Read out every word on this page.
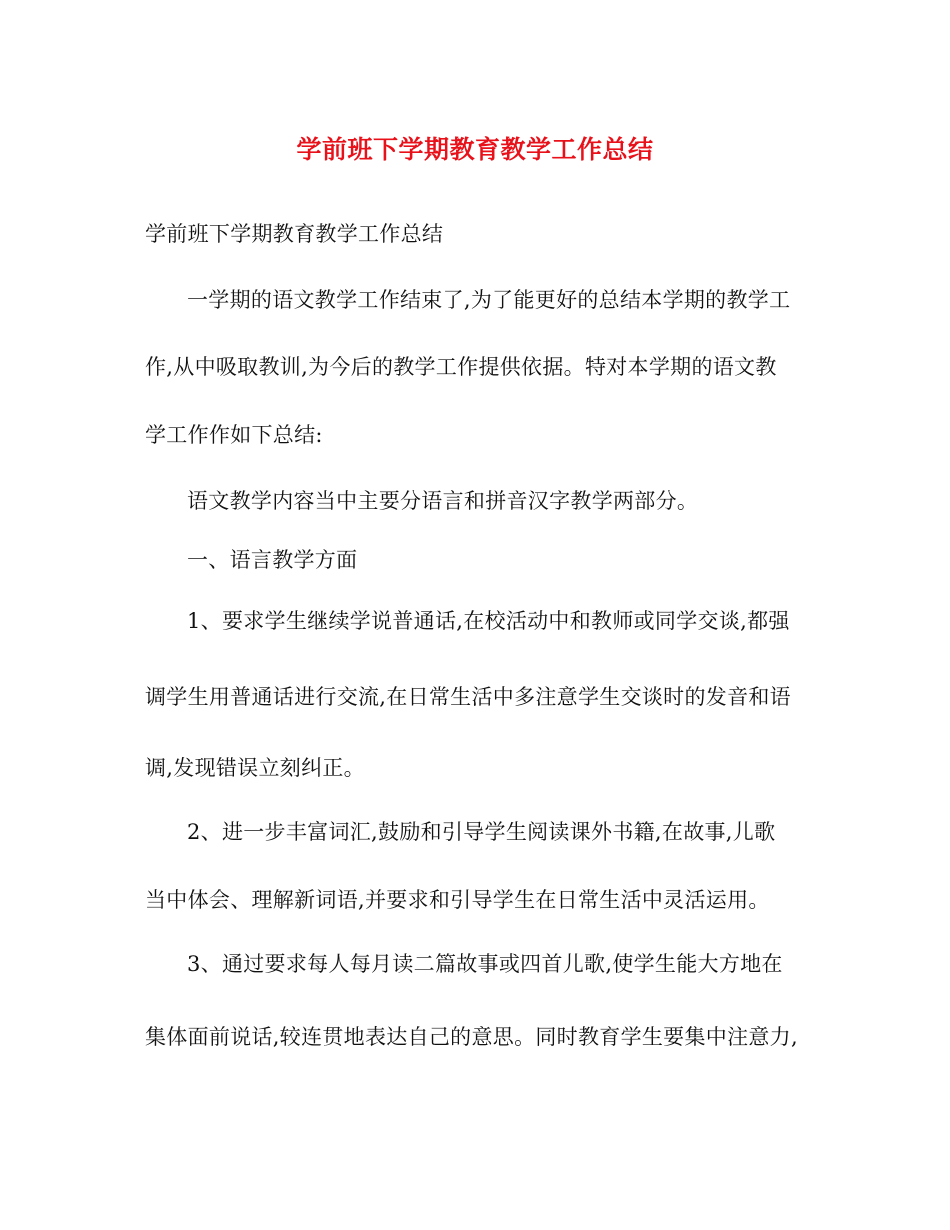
学前班下学期教育教学工作总结
学前班下学期教育教学工作总结
一学期的语文教学工作结束了,为了能更好的总结本学期的教学工
作,从中吸取教训,为今后的教学工作提供依据。特对本学期的语文教
学工作作如下总结:
语文教学内容当中主要分语言和拼音汉字教学两部分。
一、语言教学方面
1、要求学生继续学说普通话,在校活动中和教师或同学交谈,都强
调学生用普通话进行交流,在日常生活中多注意学生交谈时的发音和语
调,发现错误立刻纠正。
2、进一步丰富词汇,鼓励和引导学生阅读课外书籍,在故事,儿歌
当中体会、理解新词语,并要求和引导学生在日常生活中灵活运用。
3、通过要求每人每月读二篇故事或四首儿歌,使学生能大方地在
集体面前说话,较连贯地表达自己的意思。同时教育学生要集中注意力,
